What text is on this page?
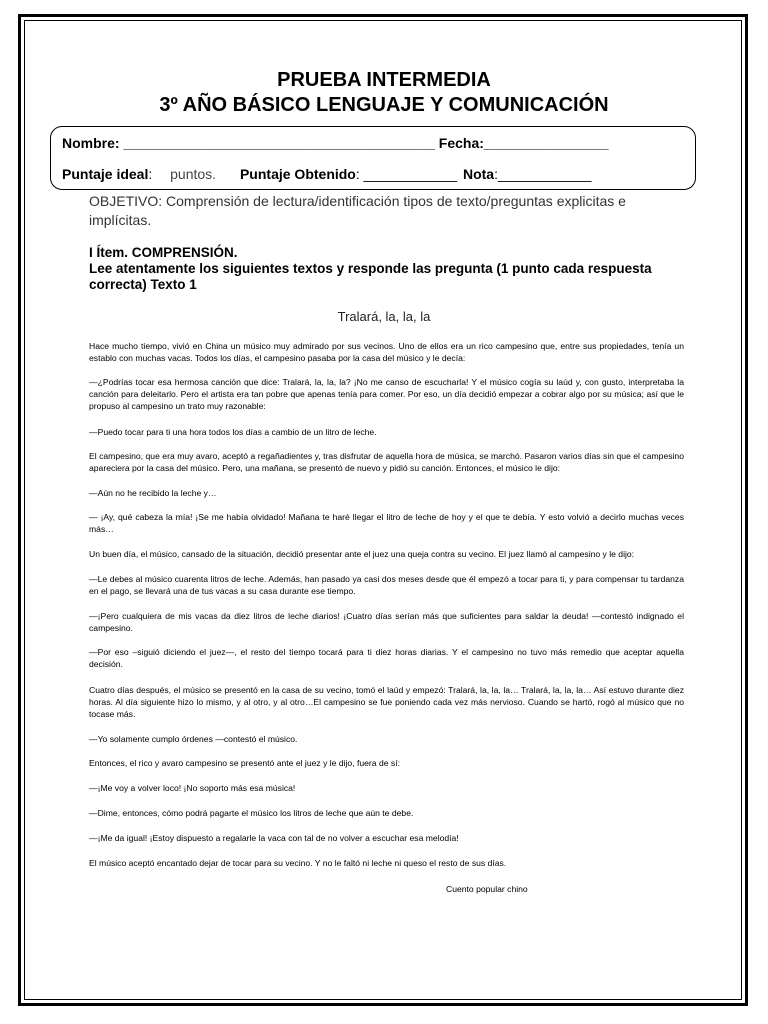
PRUEBA INTERMEDIA
3º AÑO BÁSICO LENGUAJE Y COMUNICACIÓN
Nombre: ________________________________________ Fecha:________________
Puntaje ideal: puntos. Puntaje Obtenido: ____________ Nota:____________
OBJETIVO: Comprensión de lectura/identificación tipos de texto/preguntas explicitas e implícitas.
I Ítem. COMPRENSIÓN.
Lee atentamente los siguientes textos y responde las pregunta (1 punto cada respuesta correcta) Texto 1
Tralará, la, la, la

Hace mucho tiempo, vivió en China un músico muy admirado por sus vecinos. Uno de ellos era un rico campesino que, entre sus propiedades, tenía un establo con muchas vacas. Todos los días, el campesino pasaba por la casa del músico y le decía:

—¿Podrías tocar esa hermosa canción que dice: Tralará, la, la, la? ¡No me canso de escucharla! Y el músico cogía su laúd y, con gusto, interpretaba la canción para deleitarlo. Pero el artista era tan pobre que apenas tenía para comer. Por eso, un día decidió empezar a cobrar algo por su música; así que le propuso al campesino un trato muy razonable:

—Puedo tocar para ti una hora todos los días a cambio de un litro de leche.

El campesino, que era muy avaro, aceptó a regañadientes y, tras disfrutar de aquella hora de música, se marchó. Pasaron varios días sin que el campesino apareciera por la casa del músico. Pero, una mañana, se presentó de nuevo y pidió su canción. Entonces, el músico le dijo:

—Aún no he recibido la leche y…

— ¡Ay, qué cabeza la mía! ¡Se me había olvidado! Mañana te haré llegar el litro de leche de hoy y el que te debía. Y esto volvió a decirlo muchas veces más…

Un buen día, el músico, cansado de la situación, decidió presentar ante el juez una queja contra su vecino. El juez llamó al campesino y le dijo:

—Le debes al músico cuarenta litros de leche. Además, han pasado ya casi dos meses desde que él empezó a tocar para ti, y para compensar tu tardanza en el pago, se llevará una de tus vacas a su casa durante ese tiempo.

—¡Pero cualquiera de mis vacas da diez litros de leche diarios! ¡Cuatro días serían más que suficientes para saldar la deuda! —contestó indignado el campesino.

—Por eso –siguió diciendo el juez—, el resto del tiempo tocará para ti diez horas diarias. Y el campesino no tuvo más remedio que aceptar aquella decisión.

Cuatro días después, el músico se presentó en la casa de su vecino, tomó el laúd y empezó: Tralará, la, la, la… Tralará, la, la, la… Así estuvo durante diez horas. Al día siguiente hizo lo mismo, y al otro, y al otro…El campesino se fue poniendo cada vez más nervioso. Cuando se hartó, rogó al músico que no tocase más.

—Yo solamente cumplo órdenes —contestó el músico.

Entonces, el rico y avaro campesino se presentó ante el juez y le dijo, fuera de sí:

—¡Me voy a volver loco! ¡No soporto más esa música!

—Dime, entonces, cómo podrá pagarte el músico los litros de leche que aún te debe.

—¡Me da igual! ¡Estoy dispuesto a regalarle la vaca con tal de no volver a escuchar esa melodía!

El músico aceptó encantado dejar de tocar para su vecino. Y no le faltó ni leche ni queso el resto de sus días.

Cuento popular chino
